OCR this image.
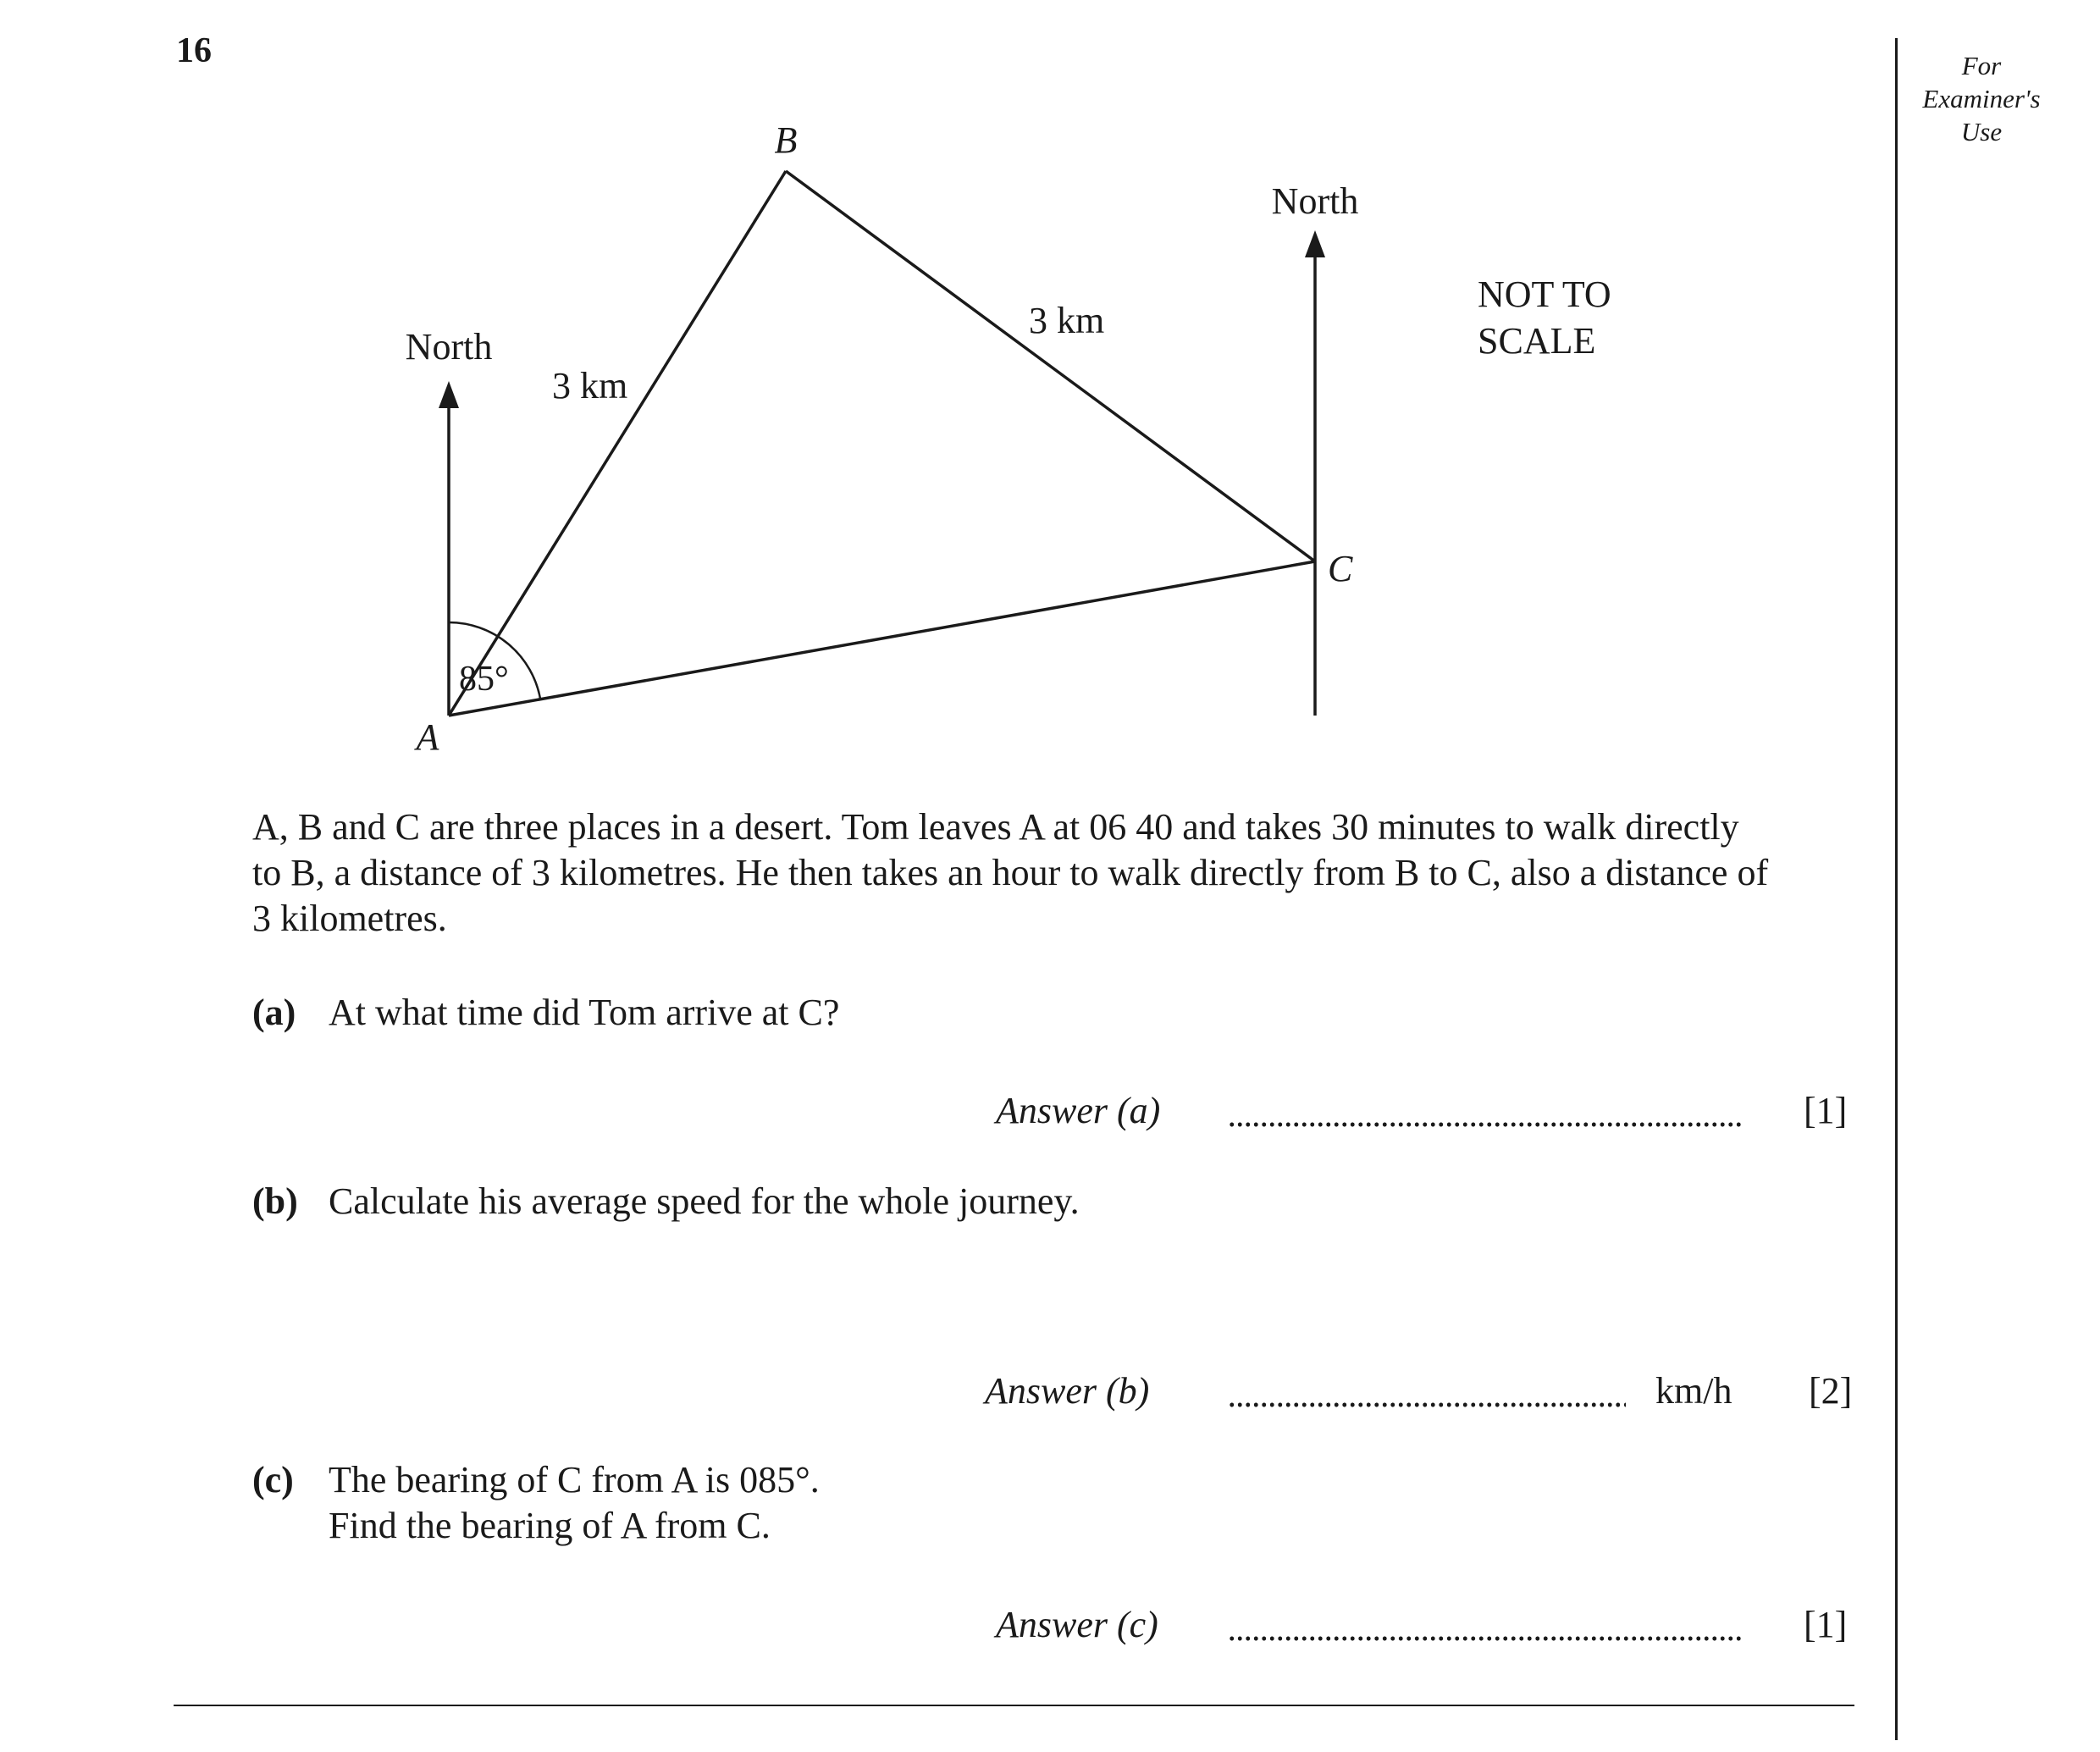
16	For
Examiner's
Use
B
A
C
North
North
3 km
3 km
85°
NOT TO
SCALE
A, B and C are three places in a desert. Tom leaves A at 06 40 and takes 30 minutes to walk directly
to B, a distance of 3 kilometres. He then takes an hour to walk directly from B to C, also a distance of
3 kilometres.
(a) At what time did Tom arrive at C?
Answer (a)	[1]
(b) Calculate his average speed for the whole journey.
Answer (b)	km/h [2]
(c) The bearing of C from A is 085°.
Find the bearing of A from C.
Answer (c)	[1]
